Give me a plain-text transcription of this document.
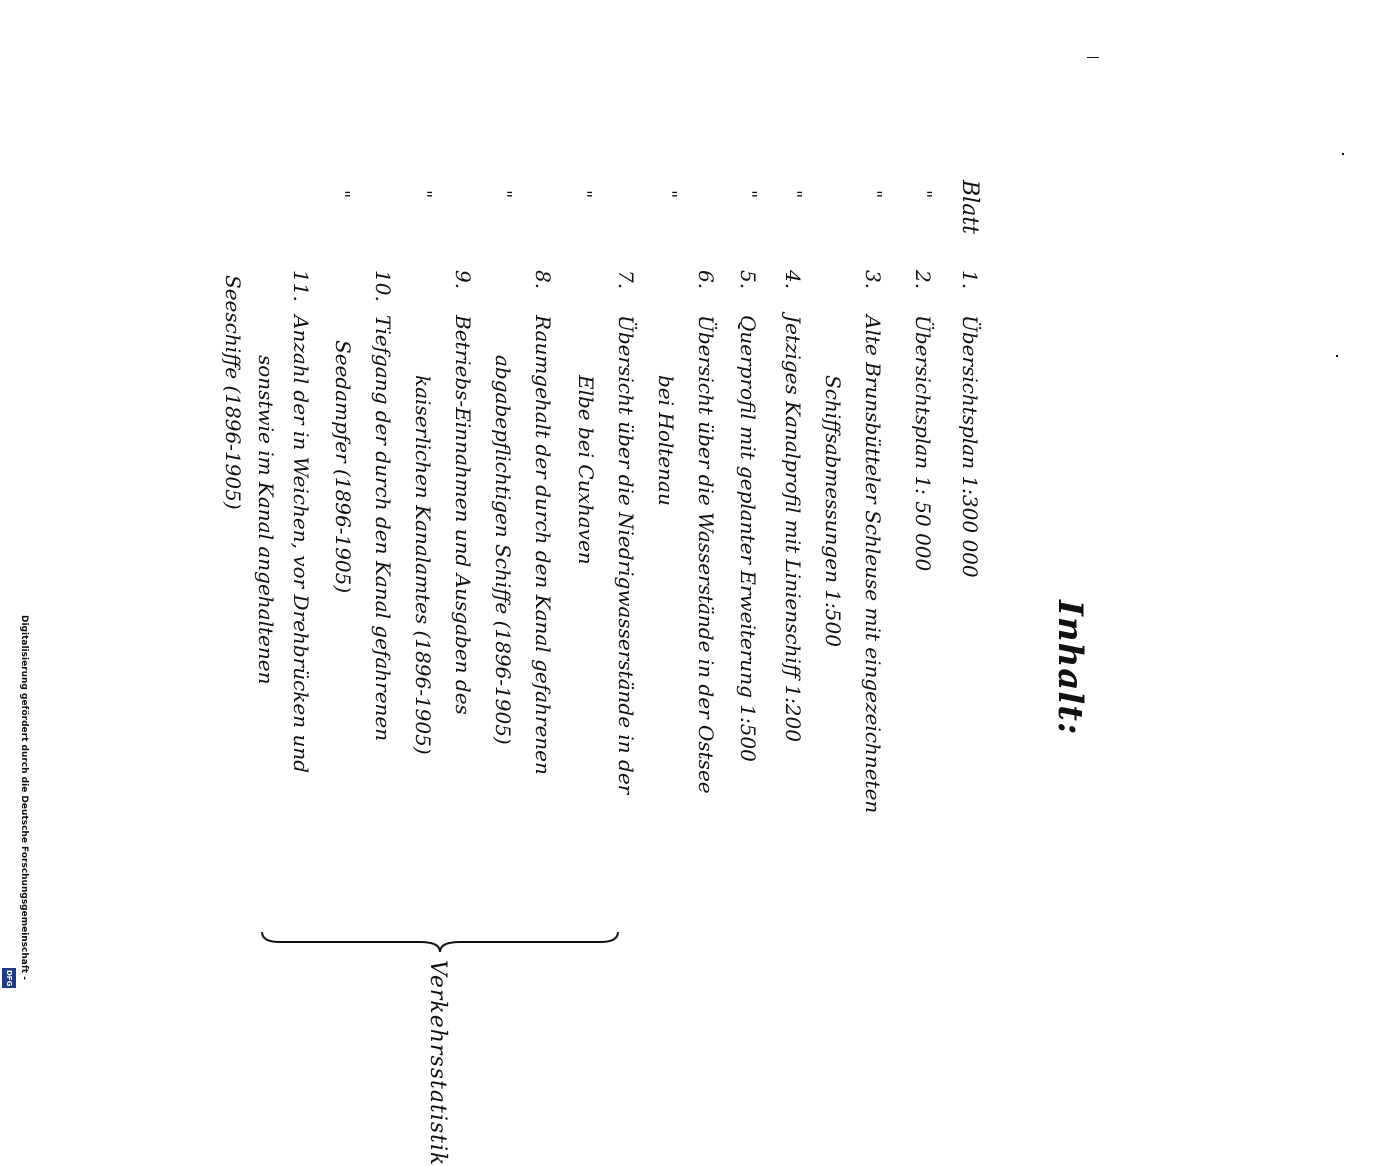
Inhalt:
Blatt
"
"
"
"
"
"
"
"
"
1.
2.
3.
4.
5.
6.
7.
8.
9.
10.
11.
Übersichtsplan 1:300 000
Übersichtsplan 1: 50 000
Alte Brunsbütteler Schleuse mit eingezeichneten
Schiffsabmessungen 1:500
Jetziges Kanalprofil mit Linienschiff 1:200
Querprofil mit geplanter Erweiterung 1:500
Übersicht über die Wasserstände in der Ostsee
bei Holtenau
Übersicht über die Niedrigwasserstände in der
Elbe bei Cuxhaven
Raumgehalt der durch den Kanal gefahrenen
abgabepflichtigen Schiffe (1896-1905)
Betriebs-Einnahmen und Ausgaben des
kaiserlichen Kanalamtes (1896-1905)
Tiefgang der durch den Kanal gefahrenen
Seedampfer (1896-1905)
Anzahl der in Weichen, vor Drehbrücken und
sonstwie im Kanal angehaltenen
Seeschiffe (1896-1905)
Verkehrsstatistik
Digitalisierung gefördert durch die Deutsche Forschungsgemeinschaft -
DFG
